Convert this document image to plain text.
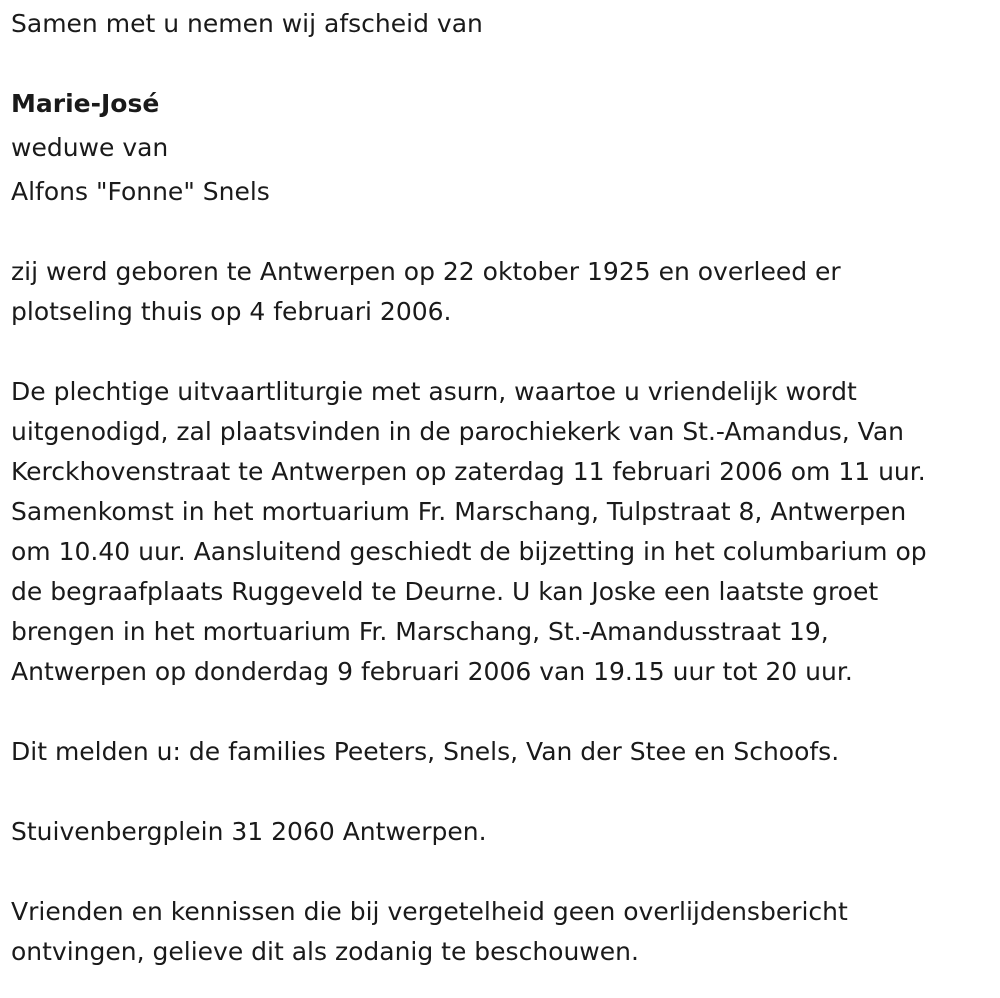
Samen met u nemen wij afscheid van
Marie-José
weduwe van
Alfons "Fonne" Snels
zij werd geboren te Antwerpen op 22 oktober 1925 en overleed er
plotseling thuis op 4 februari 2006.
De plechtige uitvaartliturgie met asurn, waartoe u vriendelijk wordt
uitgenodigd, zal plaatsvinden in de parochiekerk van St.-Amandus, Van
Kerckhovenstraat te Antwerpen op zaterdag 11 februari 2006 om 11 uur.
Samenkomst in het mortuarium Fr. Marschang, Tulpstraat 8, Antwerpen
om 10.40 uur. Aansluitend geschiedt de bijzetting in het columbarium op
de begraafplaats Ruggeveld te Deurne. U kan Joske een laatste groet
brengen in het mortuarium Fr. Marschang, St.-Amandusstraat 19,
Antwerpen op donderdag 9 februari 2006 van 19.15 uur tot 20 uur.
Dit melden u: de families Peeters, Snels, Van der Stee en Schoofs.
Stuivenbergplein 31 2060 Antwerpen.
Vrienden en kennissen die bij vergetelheid geen overlijdensbericht
ontvingen, gelieve dit als zodanig te beschouwen.
